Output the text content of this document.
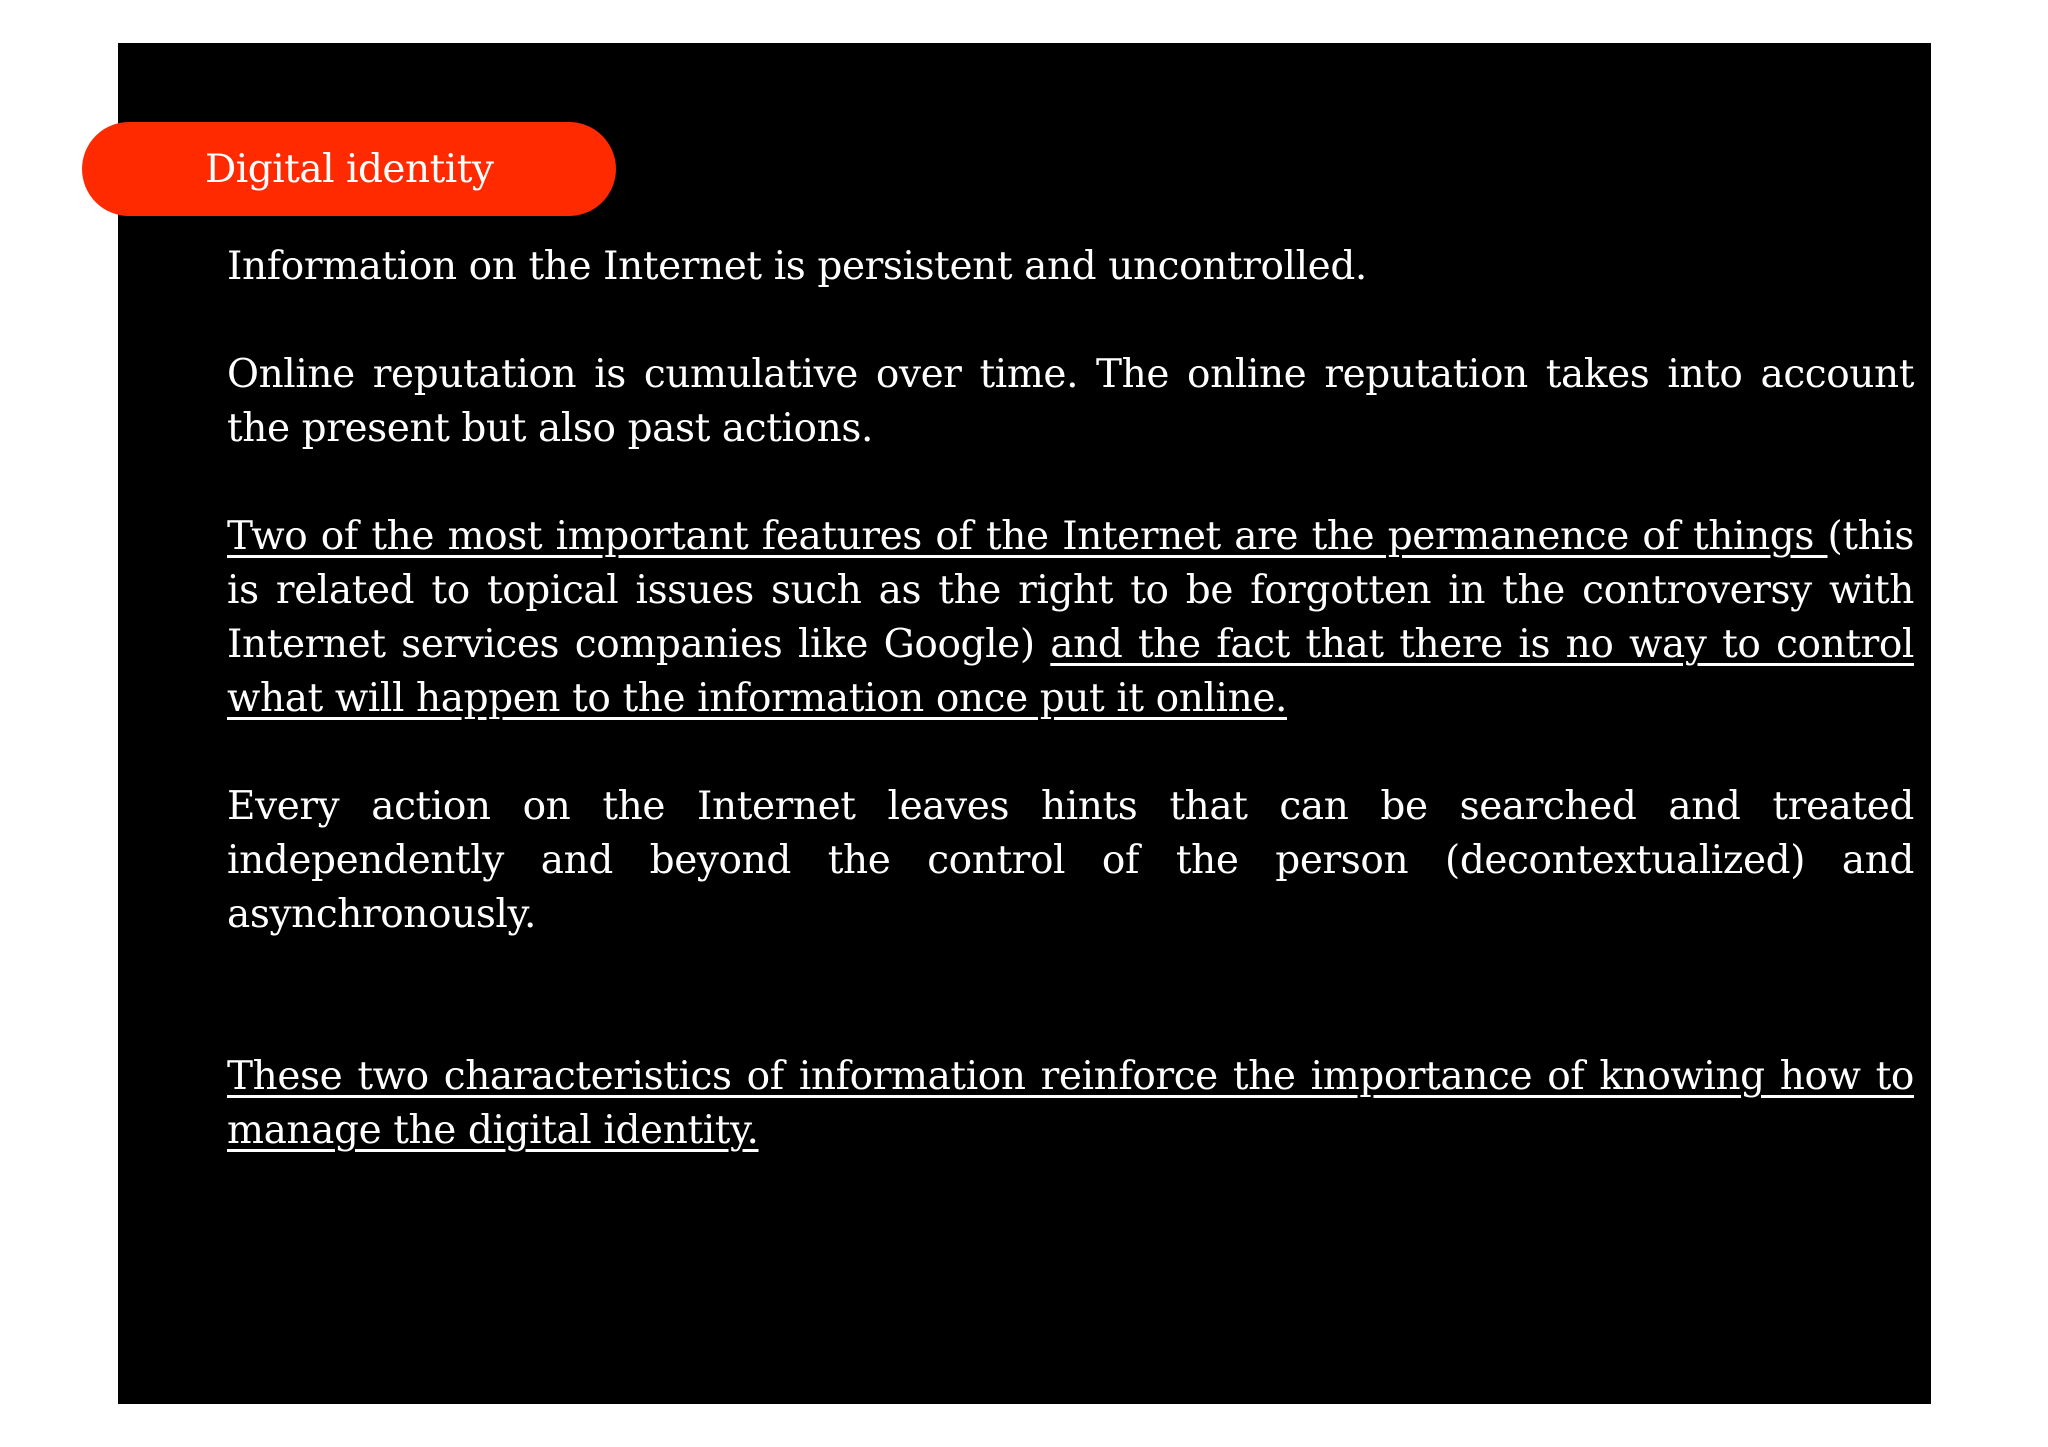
Digital identity

Information on the Internet is persistent and uncontrolled.

Online reputation is cumulative over time. The online reputation takes into account the present but also past actions.

Two of the most important features of the Internet are the permanence of things (this is related to topical issues such as the right to be forgotten in the controversy with Internet services companies like Google) and the fact that there is no way to control what will happen to the information once put it online.

Every action on the Internet leaves hints that can be searched and treated independently and beyond the control of the person (decontextualized) and asynchronously.

These two characteristics of information reinforce the importance of knowing how to manage the digital identity.
